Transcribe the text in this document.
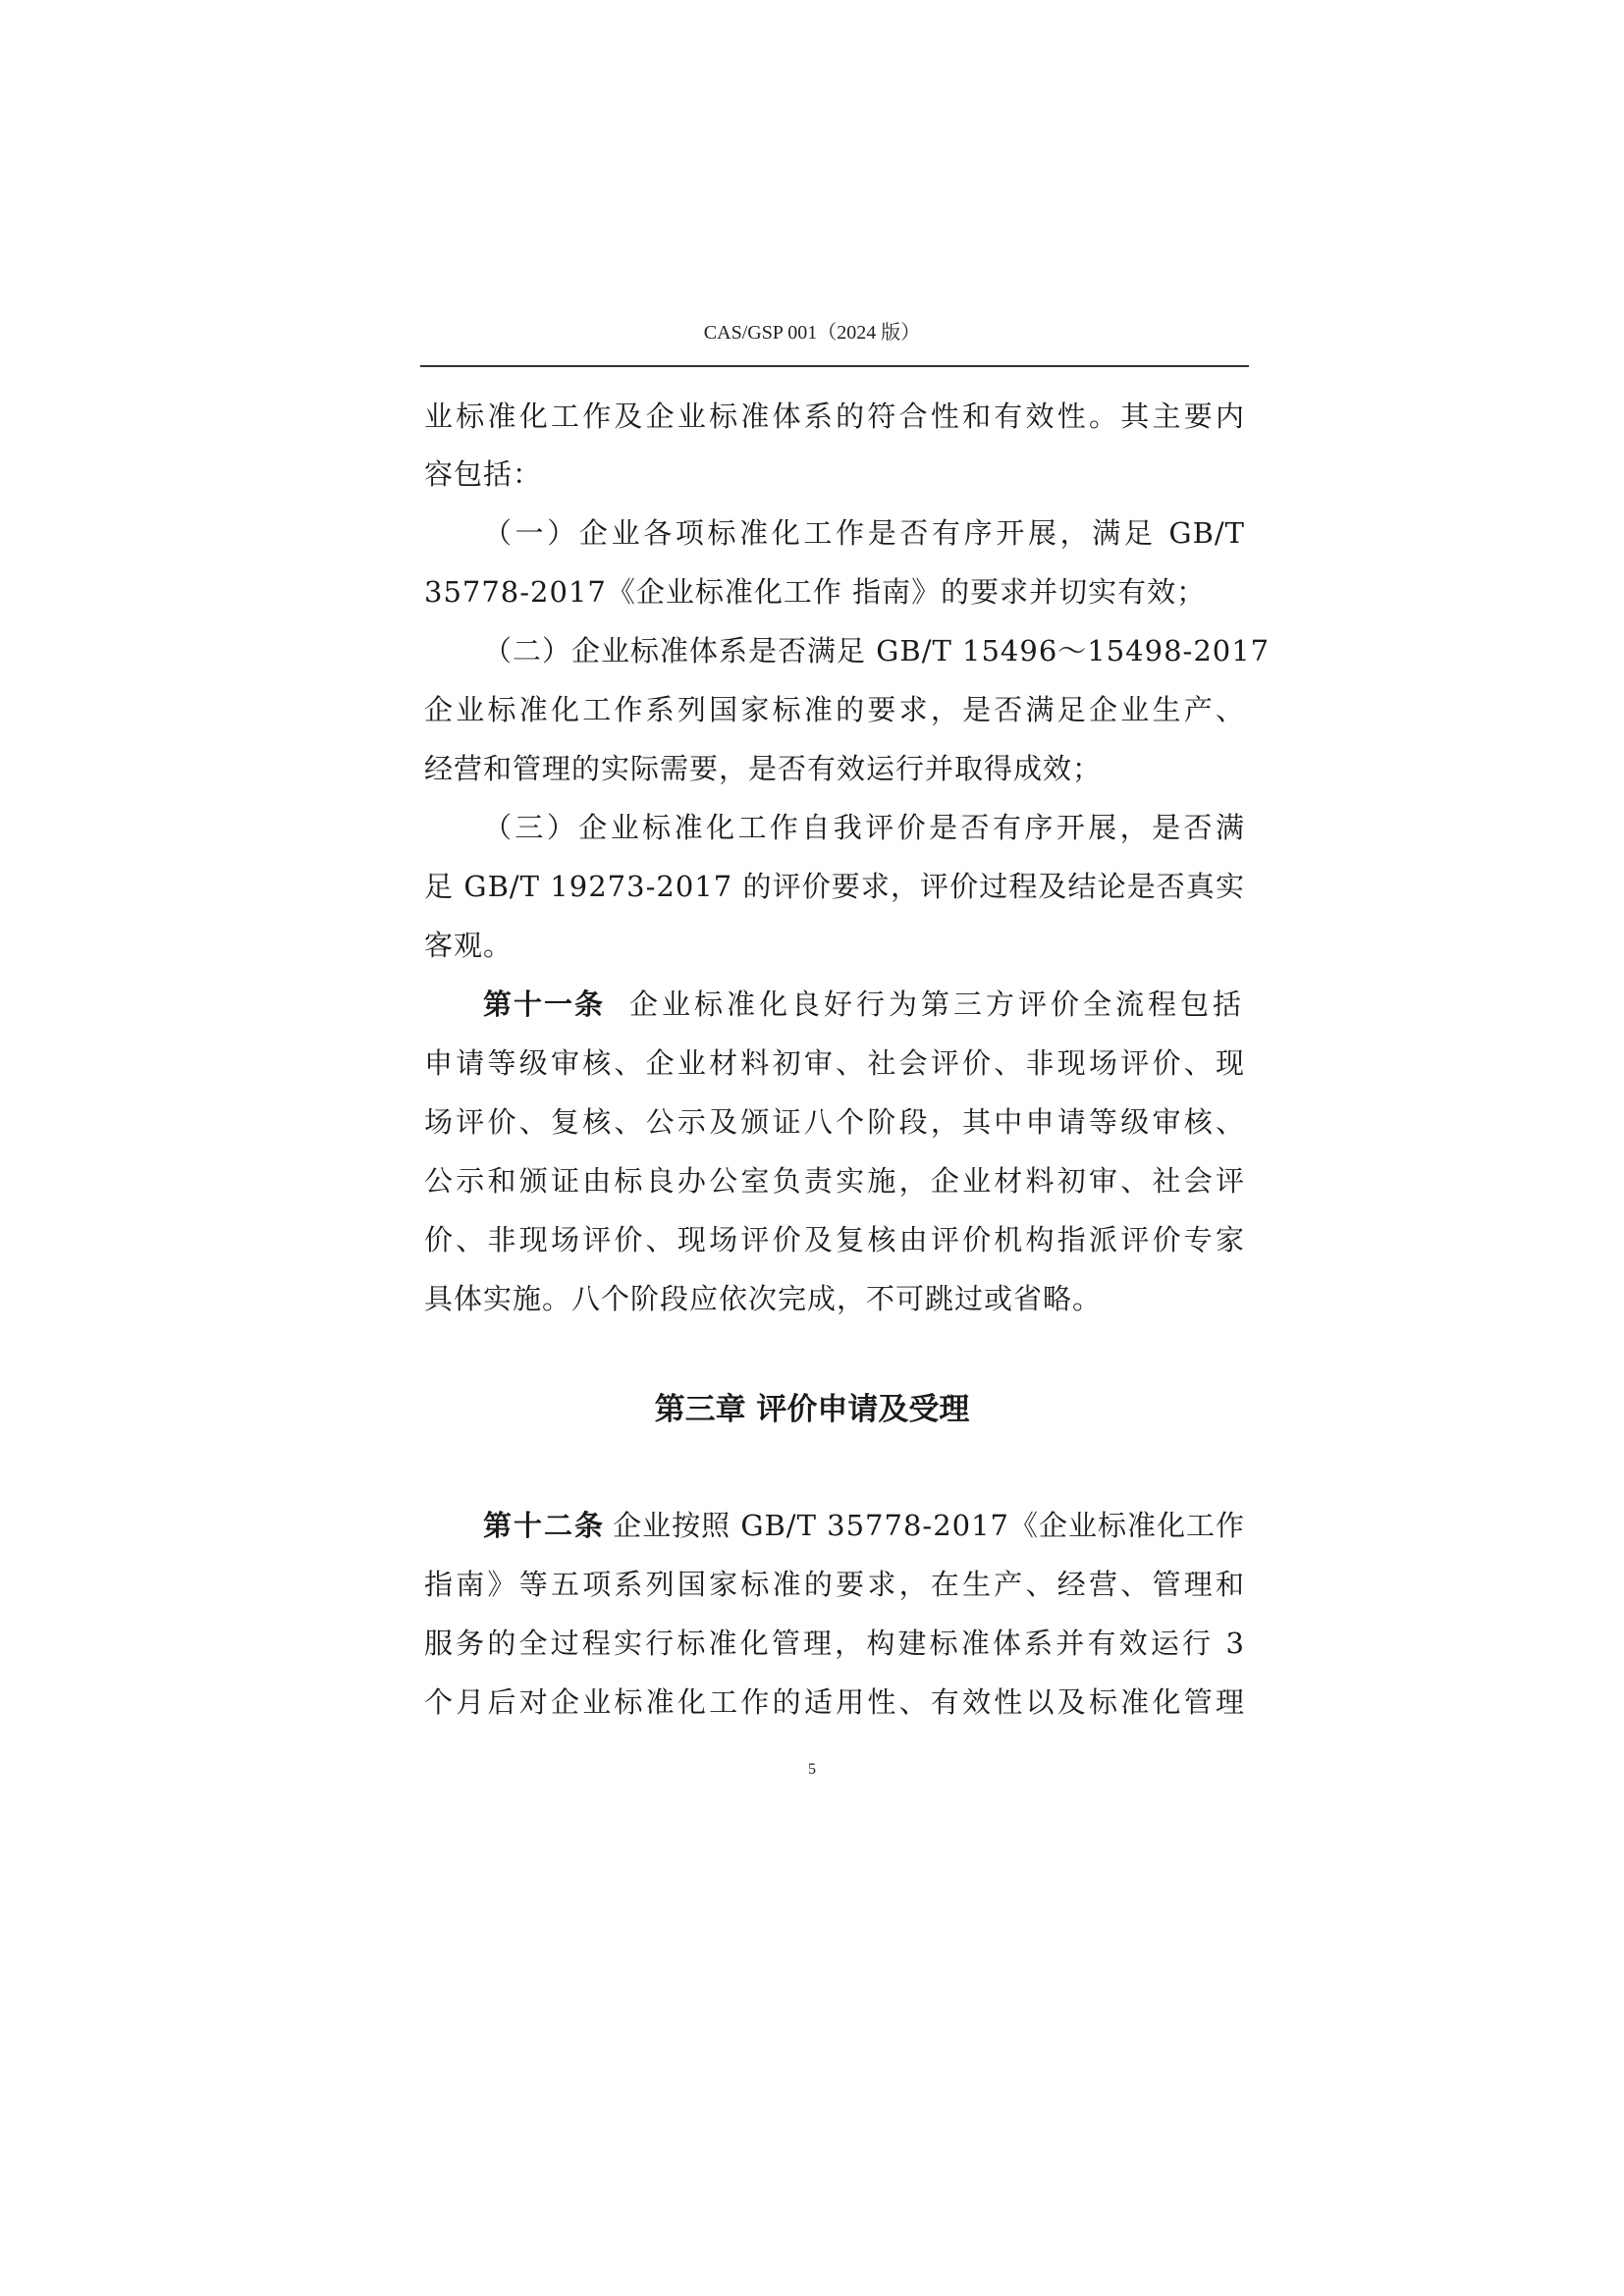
CAS/GSP 001（2024 版）
业标准化工作及企业标准体系的符合性和有效性。其主要内
容包括：
（一）企业各项标准化工作是否有序开展，满足 GB/T
35778-2017《企业标准化工作 指南》的要求并切实有效；
（二）企业标准体系是否满足 GB/T 15496～15498-2017
企业标准化工作系列国家标准的要求，是否满足企业生产、
经营和管理的实际需要，是否有效运行并取得成效；
（三）企业标准化工作自我评价是否有序开展，是否满
足 GB/T 19273-2017 的评价要求，评价过程及结论是否真实
客观。
第十一条 企业标准化良好行为第三方评价全流程包括
申请等级审核、企业材料初审、社会评价、非现场评价、现
场评价、复核、公示及颁证八个阶段，其中申请等级审核、
公示和颁证由标良办公室负责实施，企业材料初审、社会评
价、非现场评价、现场评价及复核由评价机构指派评价专家
具体实施。八个阶段应依次完成，不可跳过或省略。
第三章 评价申请及受理
第十二条 企业按照 GB/T 35778-2017《企业标准化工作
指南》等五项系列国家标准的要求，在生产、经营、管理和
服务的全过程实行标准化管理，构建标准体系并有效运行 3
个月后对企业标准化工作的适用性、有效性以及标准化管理
5
